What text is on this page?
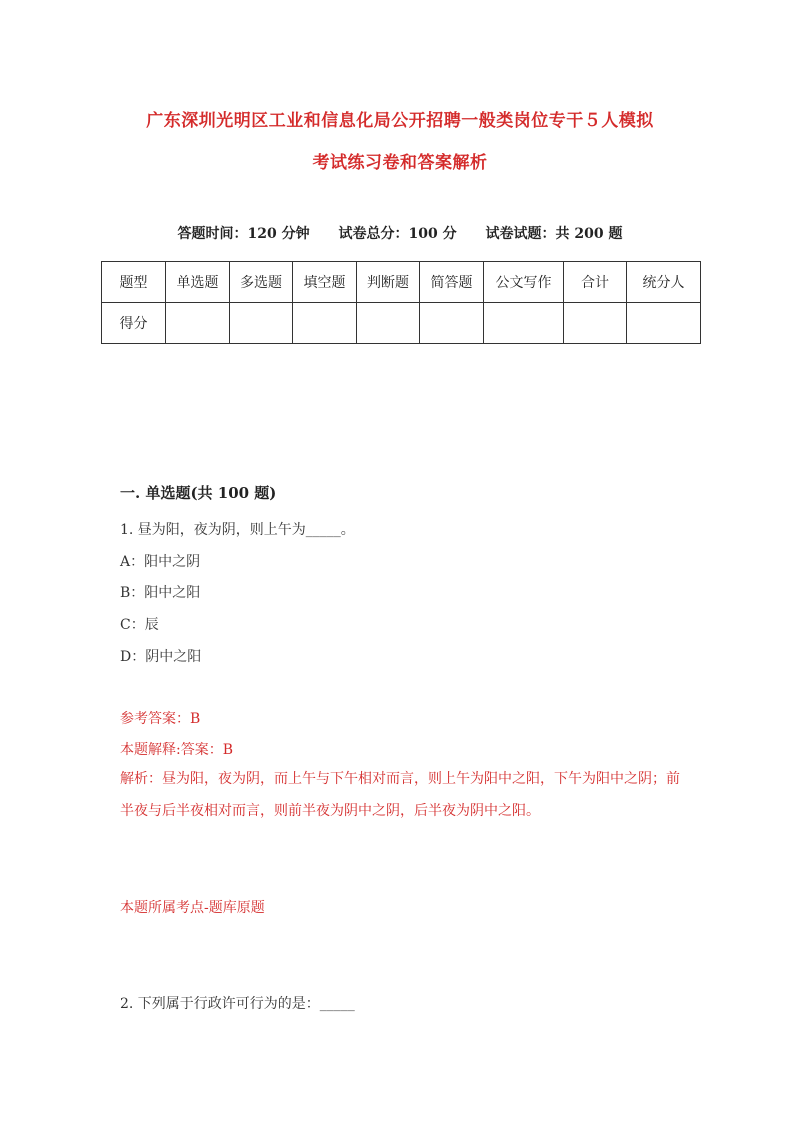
广东深圳光明区工业和信息化局公开招聘一般类岗位专干５人模拟
考试练习卷和答案解析
答题时间：120 分钟 试卷总分：100 分 试卷试题：共 200 题
题型	单选题	多选题	填空题	判断题	简答题	公文写作	合计	统分人
得分								
一. 单选题(共 100 题)
1. 昼为阳，夜为阴，则上午为_____。
A：阳中之阴
B：阳中之阳
C：辰
D：阴中之阳
参考答案：B
本题解释:答案：B
解析：昼为阳，夜为阴，而上午与下午相对而言，则上午为阳中之阳，下午为阳中之阴；前半夜与后半夜相对而言，则前半夜为阴中之阴，后半夜为阴中之阳。
本题所属考点-题库原题
2. 下列属于行政许可行为的是：_____
